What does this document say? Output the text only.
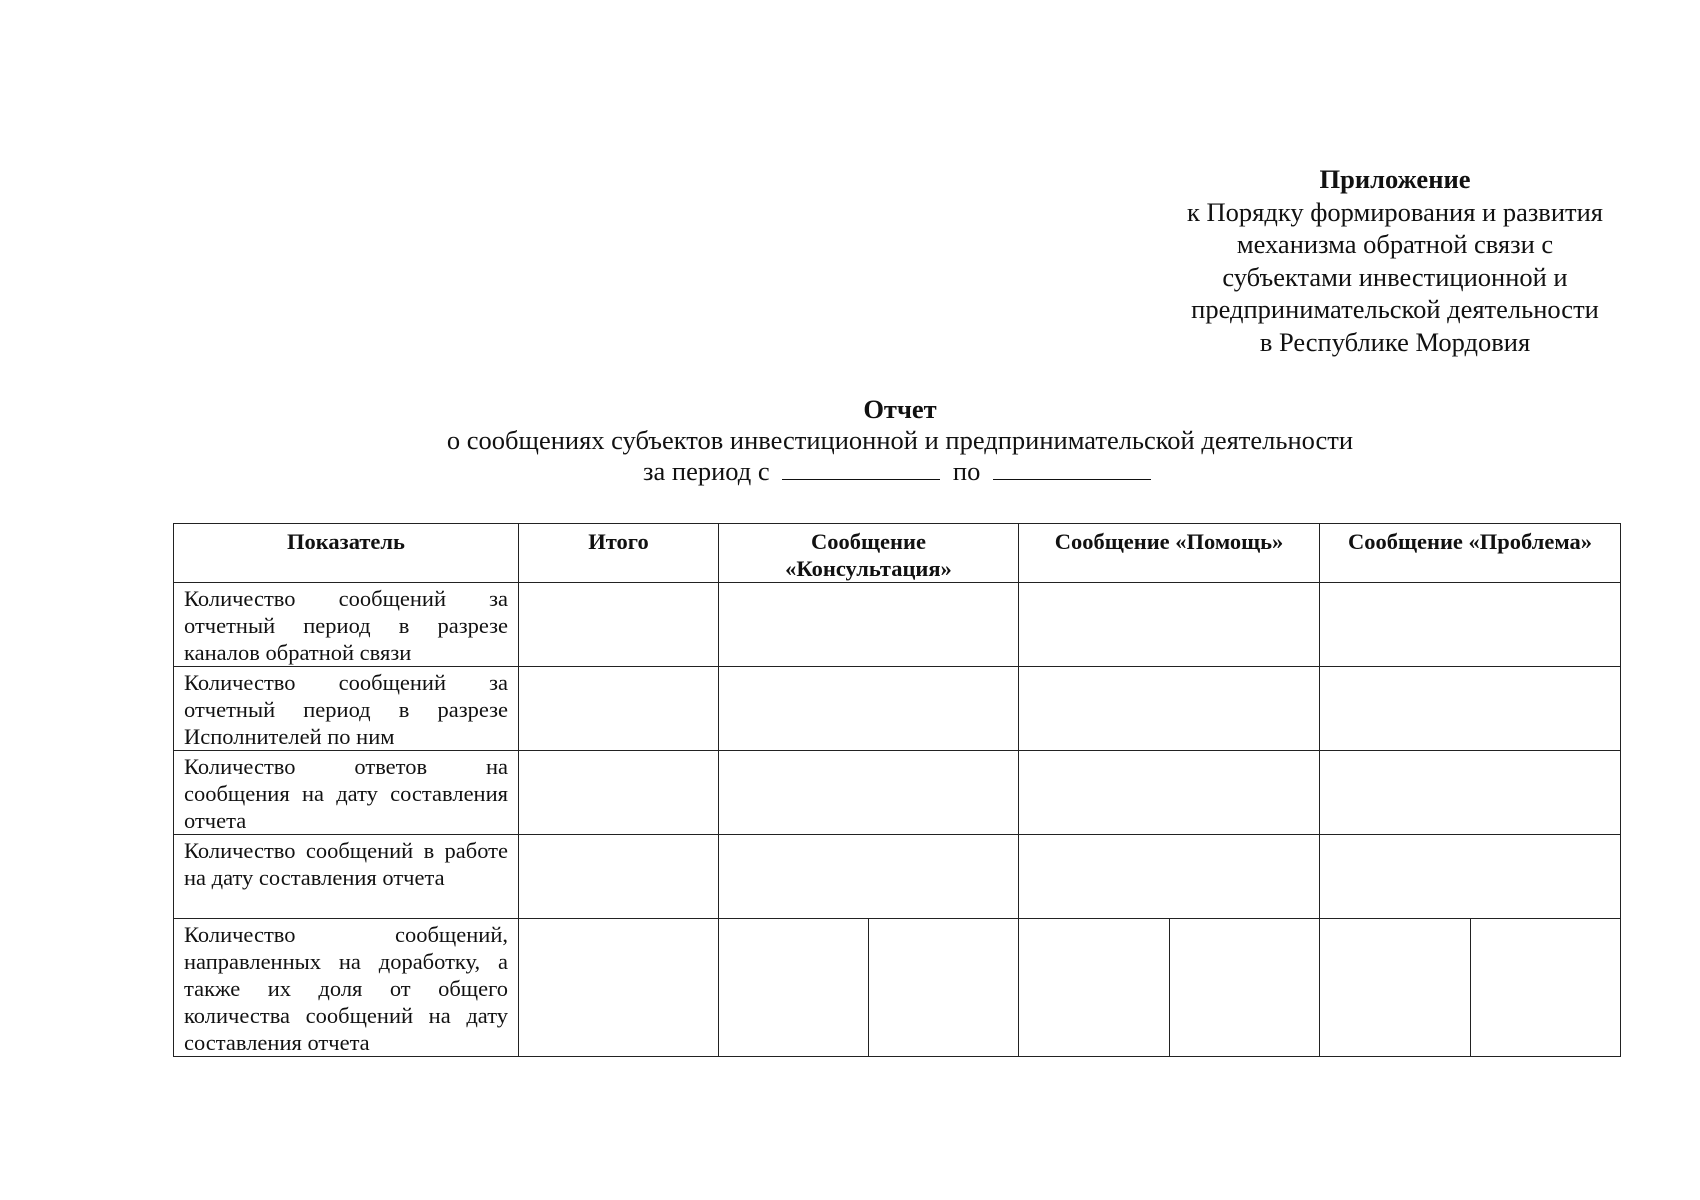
Приложение
к Порядку формирования и развития
механизма обратной связи с
субъектами инвестиционной и
предпринимательской деятельности
в Республике Мордовия
Отчет
о сообщениях субъектов инвестиционной и предпринимательской деятельности
за период с	по
Показатель	Итого	Сообщение «Консультация»		Сообщение «Помощь»		Сообщение «Проблема»	
Количество сообщений за отчетный период в разрезе каналов обратной связи							
Количество сообщений за отчетный период в разрезе Исполнителей по ним							
Количество ответов на сообщения на дату составления отчета							
Количество сообщений в работе на дату составления отчета							
Количество сообщений, направленных на доработку, а также их доля от общего количества сообщений на дату составления отчета							
